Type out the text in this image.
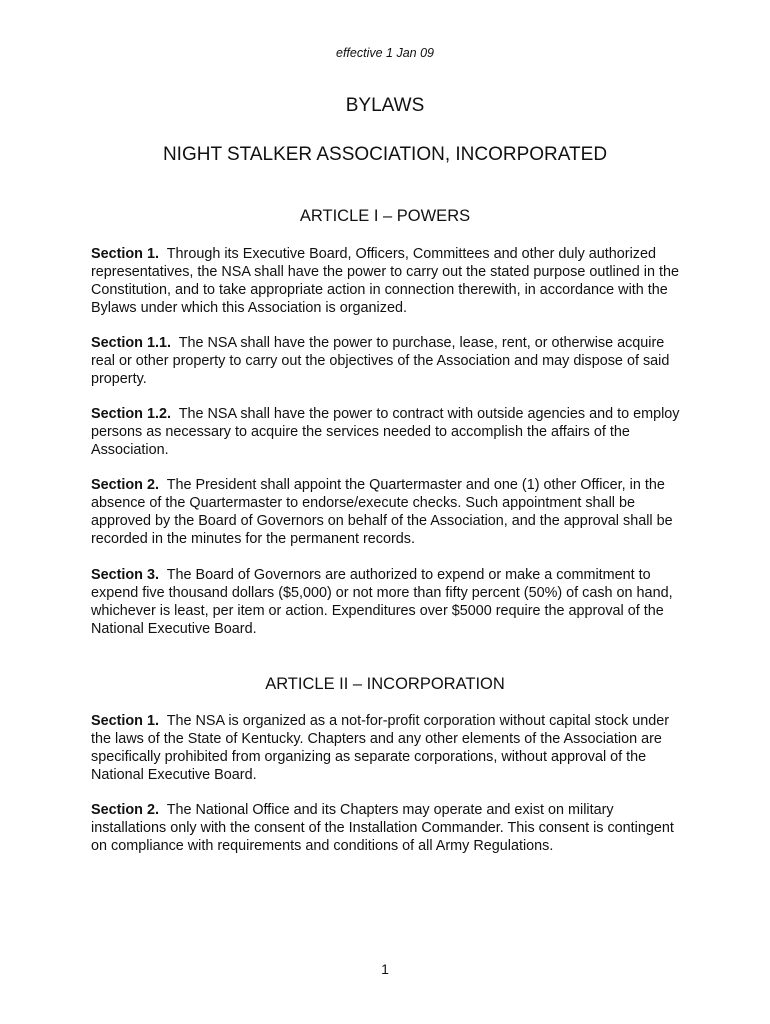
effective 1 Jan 09
BYLAWS
NIGHT STALKER ASSOCIATION, INCORPORATED
ARTICLE I – POWERS

Section 1. Through its Executive Board, Officers, Committees and other duly authorized representatives, the NSA shall have the power to carry out the stated purpose outlined in the Constitution, and to take appropriate action in connection therewith, in accordance with the Bylaws under which this Association is organized.

Section 1.1. The NSA shall have the power to purchase, lease, rent, or otherwise acquire real or other property to carry out the objectives of the Association and may dispose of said property.

Section 1.2. The NSA shall have the power to contract with outside agencies and to employ persons as necessary to acquire the services needed to accomplish the affairs of the Association.

Section 2. The President shall appoint the Quartermaster and one (1) other Officer, in the absence of the Quartermaster to endorse/execute checks. Such appointment shall be approved by the Board of Governors on behalf of the Association, and the approval shall be recorded in the minutes for the permanent records.

Section 3. The Board of Governors are authorized to expend or make a commitment to expend five thousand dollars ($5,000) or not more than fifty percent (50%) of cash on hand, whichever is least, per item or action. Expenditures over $5000 require the approval of the National Executive Board.

ARTICLE II – INCORPORATION

Section 1. The NSA is organized as a not-for-profit corporation without capital stock under the laws of the State of Kentucky. Chapters and any other elements of the Association are specifically prohibited from organizing as separate corporations, without approval of the National Executive Board.

Section 2. The National Office and its Chapters may operate and exist on military installations only with the consent of the Installation Commander. This consent is contingent on compliance with requirements and conditions of all Army Regulations.

1
